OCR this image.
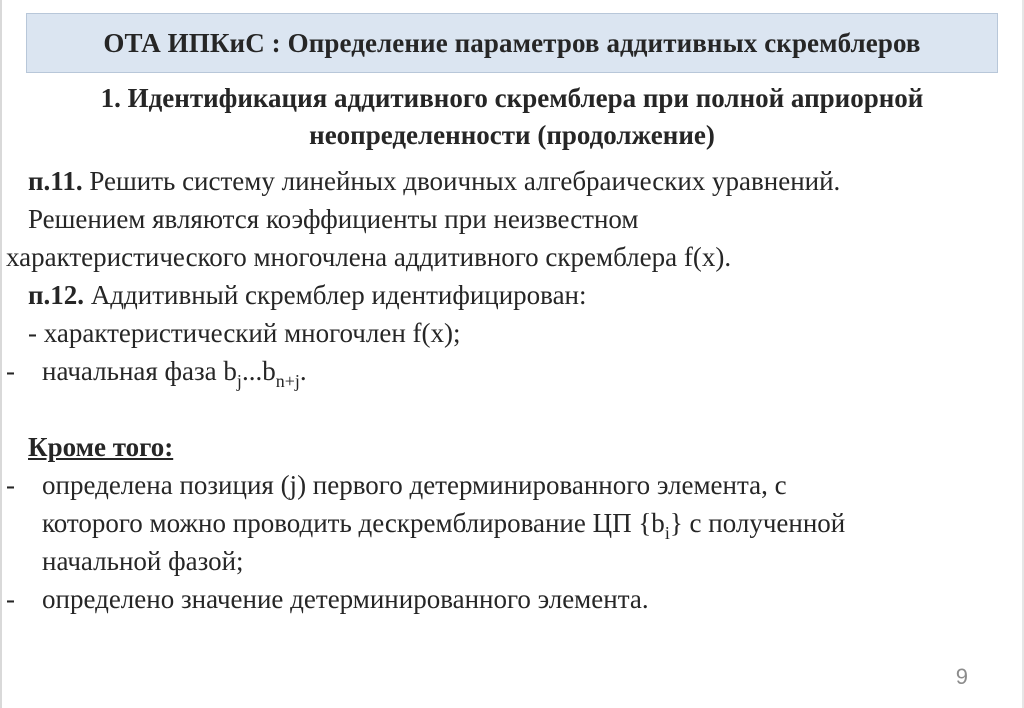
ОТА ИПКиС : Определение параметров аддитивных скремблеров
1. Идентификация аддитивного скремблера при полной априорной
неопределенности (продолжение)
п.11. Решить систему линейных двоичных алгебраических уравнений.
Решением являются коэффициенты при неизвестном
характеристического многочлена аддитивного скремблера f(x).
п.12. Аддитивный скремблер идентифицирован:
- характеристический многочлен f(x);
- начальная фаза $b_j...b_{n+j}$.
Кроме того:
- определена позиция (j) первого детерминированного элемента, с
которого можно проводить дескремблирование ЦП $\{b_i\}$ с полученной
начальной фазой;
- определено значение детерминированного элемента.
9
